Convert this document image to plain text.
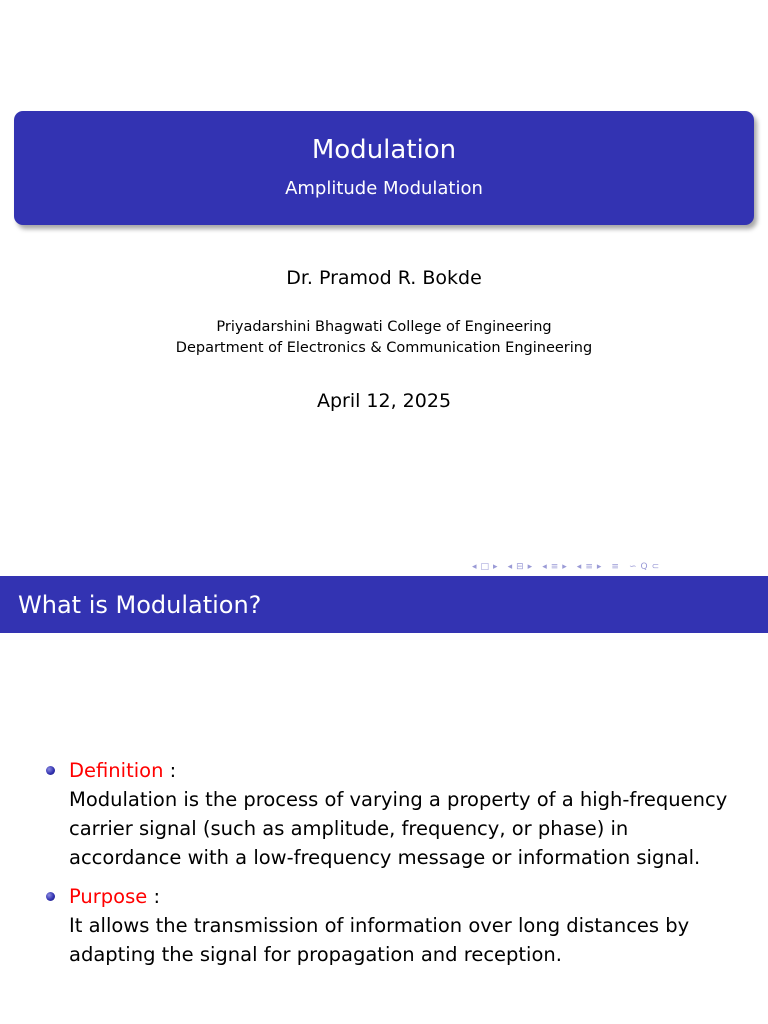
Modulation
Amplitude Modulation
Dr. Pramod R. Bokde
Priyadarshini Bhagwati College of Engineering
Department of Electronics & Communication Engineering
April 12, 2025
◂ □ ▸ ◂ ⊟ ▸ ◂ ≡ ▸ ◂ ≡ ▸ ≡ ∽ Q ⊂
What is Modulation?
Definition :
Modulation is the process of varying a property of a high-frequency carrier signal (such as amplitude, frequency, or phase) in accordance with a low-frequency message or information signal.
Purpose :
It allows the transmission of information over long distances by adapting the signal for propagation and reception.
